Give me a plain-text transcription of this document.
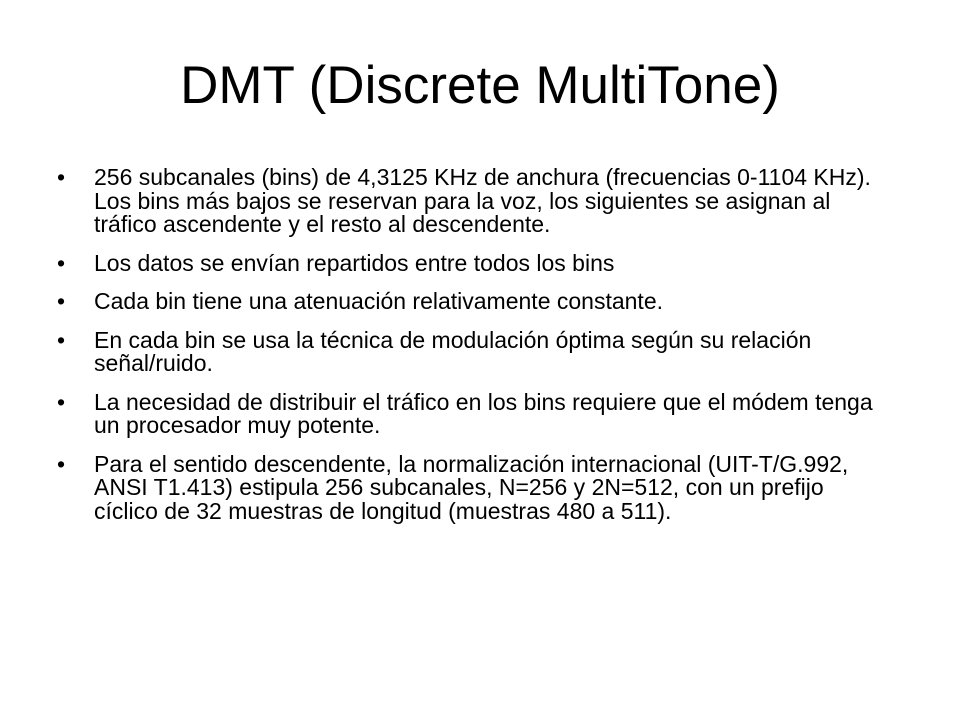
DMT (Discrete MultiTone)
• 256 subcanales (bins) de 4,3125 KHz de anchura (frecuencias 0-1104 KHz). Los bins más bajos se reservan para la voz, los siguientes se asignan al tráfico ascendente y el resto al descendente.
• Los datos se envían repartidos entre todos los bins
• Cada bin tiene una atenuación relativamente constante.
• En cada bin se usa la técnica de modulación óptima según su relación señal/ruido.
• La necesidad de distribuir el tráfico en los bins requiere que el módem tenga un procesador muy potente.
• Para el sentido descendente, la normalización internacional (UIT-T/G.992, ANSI T1.413) estipula 256 subcanales, N=256 y 2N=512, con un prefijo cíclico de 32 muestras de longitud (muestras 480 a 511).
